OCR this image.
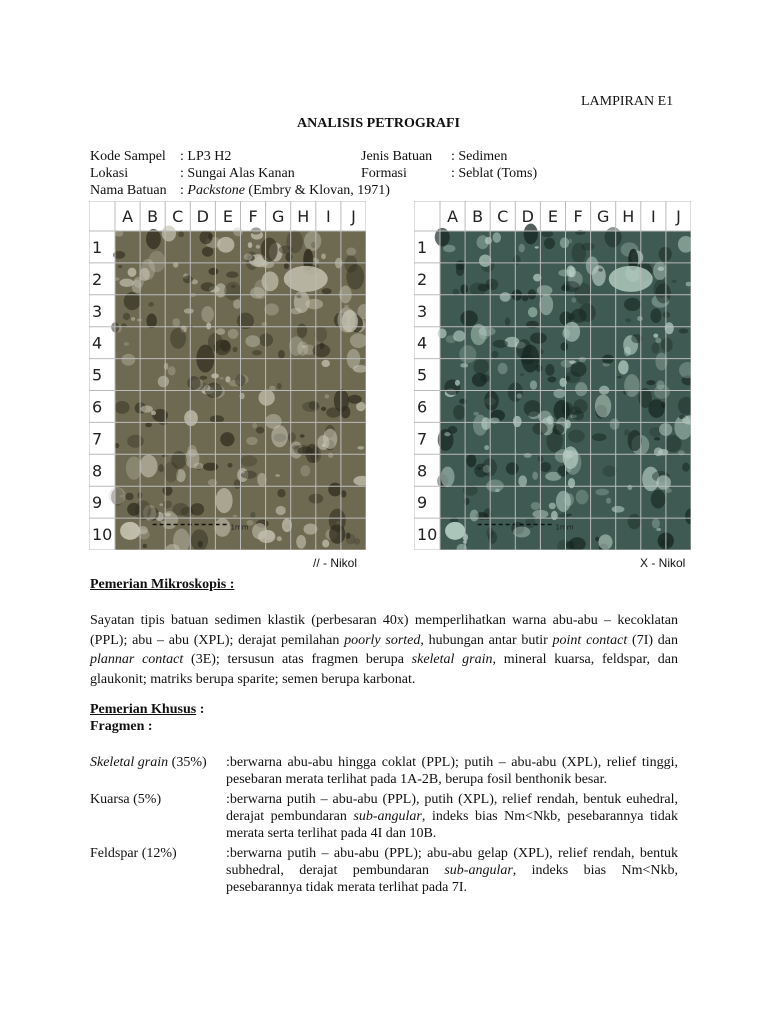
LAMPIRAN E1
ANALISIS PETROGRAFI
Kode Sampel : LP3 H2
Lokasi	: Sungai Alas Kanan
Nama Batuan : Packstone (Embry & Klovan, 1971)
Jenis Batuan : Sedimen
Formasi	: Seblat (Toms)
1mm
A B C D E F G H I J
1
2
3
4
5
6
7
8
9
10	1mm
A B C D E F G H I J
1
2
3
4
5
6
7
8
9
10
// - Nikol	X - Nikol
Pemerian Mikroskopis :
Sayatan tipis batuan sedimen klastik (perbesaran 40x) memperlihatkan warna abu-abu – kecoklatan (PPL); abu – abu (XPL); derajat pemilahan poorly sorted, hubungan antar butir point contact (7I) dan plannar contact (3E); tersusun atas fragmen berupa skeletal grain, mineral kuarsa, feldspar, dan glaukonit; matriks berupa sparite; semen berupa karbonat.
Pemerian Khusus :
Fragmen :
Skeletal grain (35%) :berwarna abu-abu hingga coklat (PPL); putih – abu-abu (XPL), relief tinggi, pesebaran merata terlihat pada 1A-2B, berupa fosil benthonik besar.
Kuarsa (5%)	:berwarna putih – abu-abu (PPL), putih (XPL), relief rendah, bentuk euhedral, derajat pembundaran sub-angular, indeks bias Nm<Nkb, pesebarannya tidak merata serta terlihat pada 4I dan 10B.
Feldspar (12%)	:berwarna putih – abu-abu (PPL); abu-abu gelap (XPL), relief rendah, bentuk subhedral, derajat pembundaran sub-angular, indeks bias Nm<Nkb, pesebarannya tidak merata terlihat pada 7I.
